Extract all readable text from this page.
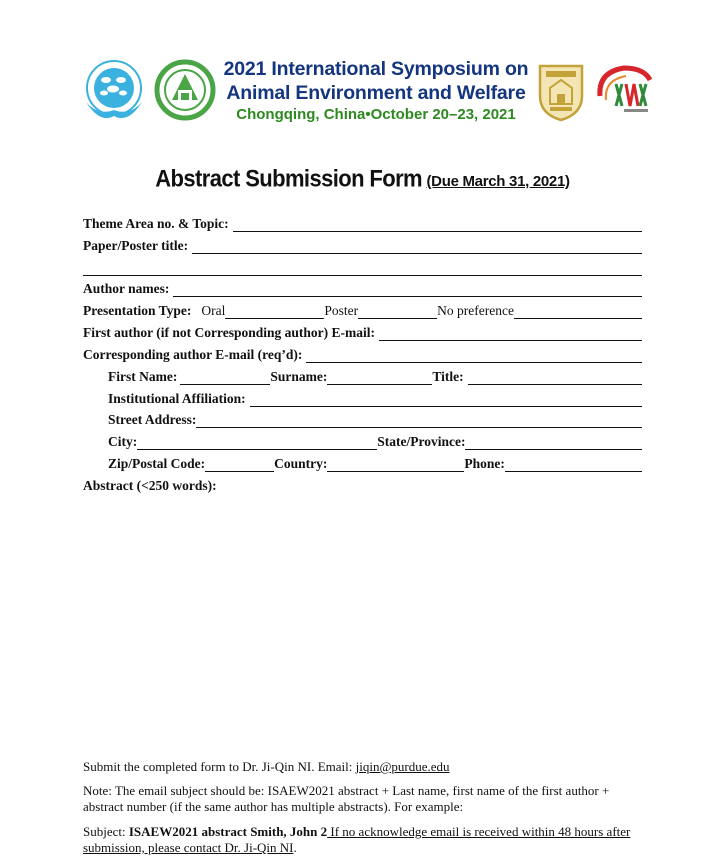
2021 International Symposium on
Animal Environment and Welfare
Chongqing, China•October 20–23, 2021
Abstract Submission Form (Due March 31, 2021)
Theme Area no. & Topic:
Paper/Poster title:
Author names:
Presentation Type: Oral	Poster	No preference
First author (if not Corresponding author) E-mail:
Corresponding author E-mail (req’d):
First Name:	Surname:	Title:
Institutional Affiliation:
Street Address:
City:	State/Province:
Zip/Postal Code:	Country:	Phone:
Abstract (<250 words):
Submit the completed form to Dr. Ji-Qin NI. Email: jiqin@purdue.edu
Note: The email subject should be: ISAEW2021 abstract + Last name, first name of the first author + abstract number (if the same author has multiple abstracts). For example:
Subject: ISAEW2021 abstract Smith, John 2 If no acknowledge email is received within 48 hours after submission, please contact Dr. Ji-Qin NI.
